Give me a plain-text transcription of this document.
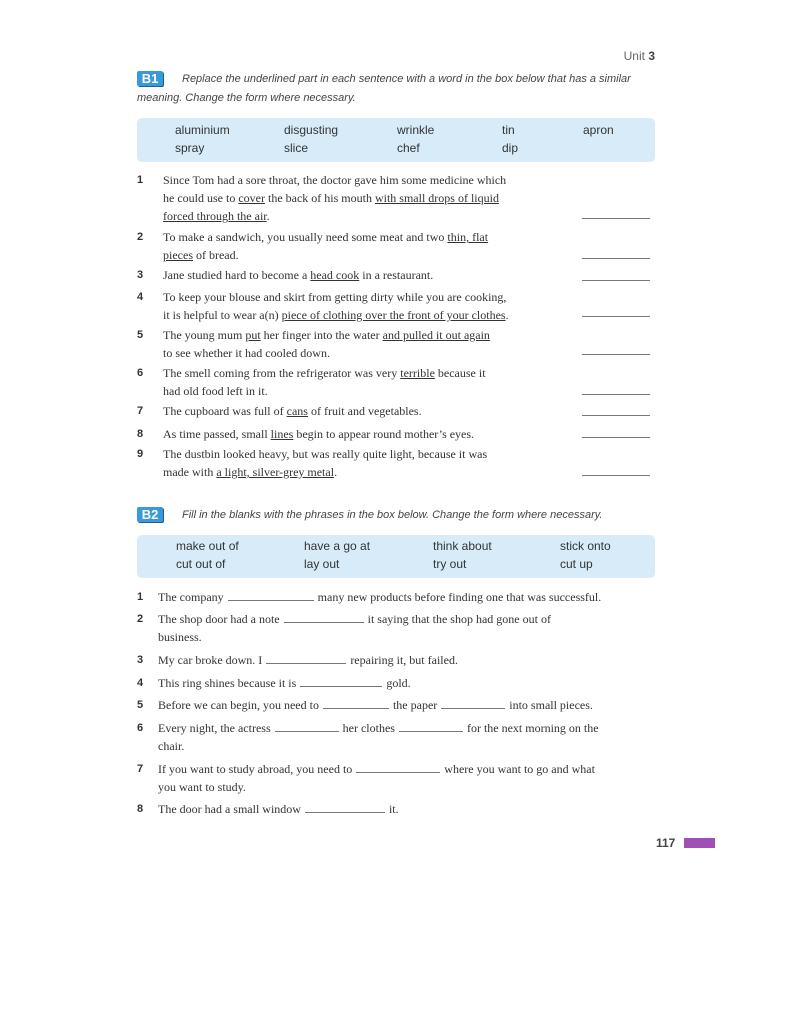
Unit 3
B1	Replace the underlined part in each sentence with a word in the box below that has a similar
meaning. Change the form where necessary.
aluminium	disgusting	wrinkle	tin	apron
spray	slice	chef	dip
1	Since Tom had a sore throat, the doctor gave him some medicine which
he could use to cover the back of his mouth with small drops of liquid
forced through the air.
2	To make a sandwich, you usually need some meat and two thin, flat
pieces of bread.
3	Jane studied hard to become a head cook in a restaurant.
4	To keep your blouse and skirt from getting dirty while you are cooking,
it is helpful to wear a(n) piece of clothing over the front of your clothes.
5	The young mum put her finger into the water and pulled it out again
to see whether it had cooled down.
6	The smell coming from the refrigerator was very terrible because it
had old food left in it.
7	The cupboard was full of cans of fruit and vegetables.
8	As time passed, small lines begin to appear round mother’s eyes.
9	The dustbin looked heavy, but was really quite light, because it was
made with a light, silver-grey metal.
B2	Fill in the blanks with the phrases in the box below. Change the form where necessary.
make out of	have a go at	think about	stick onto
cut out of	lay out	try out	cut up
1	The company	many new products before finding one that was successful.
2	The shop door had a note	it saying that the shop had gone out of
business.
3	My car broke down. I	repairing it, but failed.
4	This ring shines because it is	gold.
5	Before we can begin, you need to	the paper	into small pieces.
6	Every night, the actress	her clothes	for the next morning on the
chair.
7	If you want to study abroad, you need to	where you want to go and what
you want to study.
8	The door had a small window	it.
117
